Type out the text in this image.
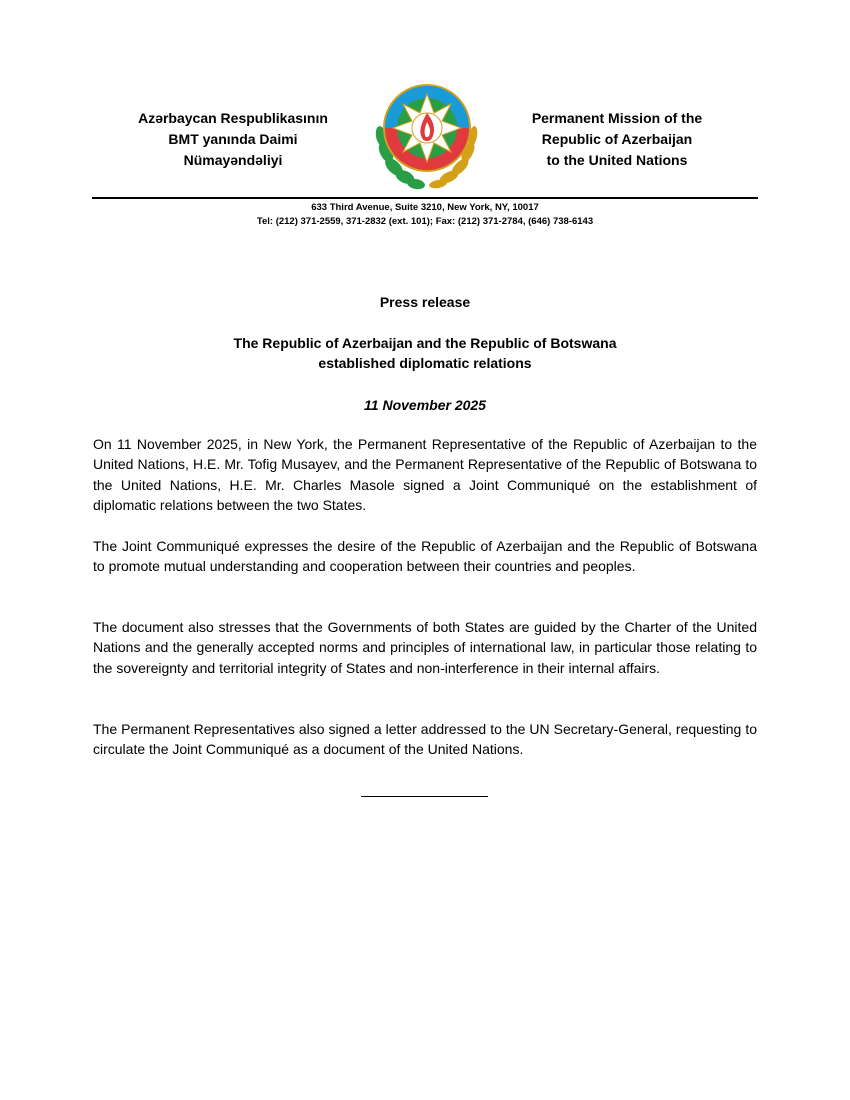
Azərbaycan Respublikasının
BMT yanında Daimi
Nümayəndəliyi
Permanent Mission of the
Republic of Azerbaijan
to the United Nations
633 Third Avenue, Suite 3210, New York, NY, 10017
Tel: (212) 371-2559, 371-2832 (ext. 101); Fax: (212) 371-2784, (646) 738-6143
Press release
The Republic of Azerbaijan and the Republic of Botswana
established diplomatic relations
11 November 2025
On 11 November 2025, in New York, the Permanent Representative of the Republic of Azerbaijan to the United Nations, H.E. Mr. Tofig Musayev, and the Permanent Representative of the Republic of Botswana to the United Nations, H.E. Mr. Charles Masole signed a Joint Communiqué on the establishment of diplomatic relations between the two States.
The Joint Communiqué expresses the desire of the Republic of Azerbaijan and the Republic of Botswana to promote mutual understanding and cooperation between their countries and peoples.
The document also stresses that the Governments of both States are guided by the Charter of the United Nations and the generally accepted norms and principles of international law, in particular those relating to the sovereignty and territorial integrity of States and non-interference in their internal affairs.
The Permanent Representatives also signed a letter addressed to the UN Secretary-General, requesting to circulate the Joint Communiqué as a document of the United Nations.
